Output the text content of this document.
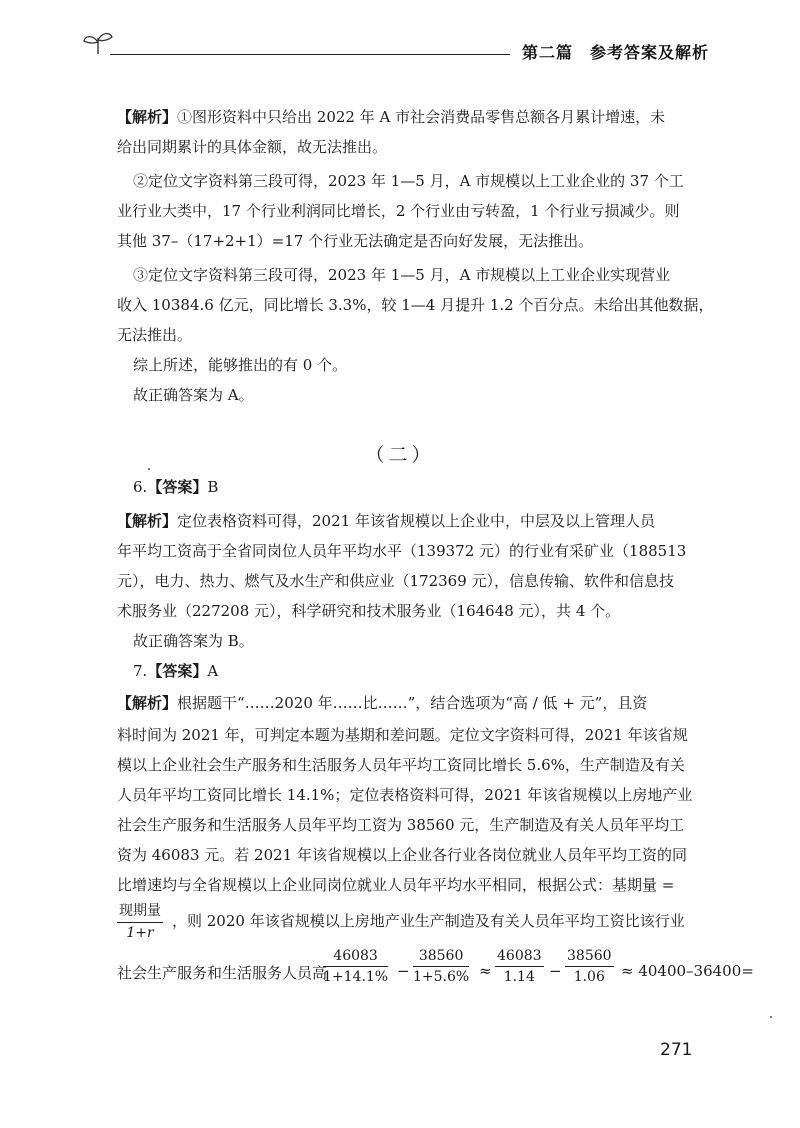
第二篇　参考答案及解析
【解析】①图形资料中只给出 2022 年 A 市社会消费品零售总额各月累计增速，未
给出同期累计的具体金额，故无法推出。
②定位文字资料第三段可得，2023 年 1—5 月，A 市规模以上工业企业的 37 个工
业行业大类中，17 个行业利润同比增长，2 个行业由亏转盈，1 个行业亏损减少。则
其他 37–（17+2+1）=17 个行业无法确定是否向好发展，无法推出。
③定位文字资料第三段可得，2023 年 1—5 月，A 市规模以上工业企业实现营业
收入 10384.6 亿元，同比增长 3.3%，较 1—4 月提升 1.2 个百分点。未给出其他数据，
无法推出。
综上所述，能够推出的有 0 个。
故正确答案为 A。
（二）
6.【答案】B
【解析】定位表格资料可得，2021 年该省规模以上企业中，中层及以上管理人员
年平均工资高于全省同岗位人员年平均水平（139372 元）的行业有采矿业（188513
元），电力、热力、燃气及水生产和供应业（172369 元），信息传输、软件和信息技
术服务业（227208 元），科学研究和技术服务业（164648 元），共 4 个。
故正确答案为 B。
7.【答案】A
【解析】根据题干“……2020 年……比……”，结合选项为“高 / 低 + 元”，且资
料时间为 2021 年，可判定本题为基期和差问题。定位文字资料可得，2021 年该省规
模以上企业社会生产服务和生活服务人员年平均工资同比增长 5.6%，生产制造及有关
人员年平均工资同比增长 14.1%；定位表格资料可得，2021 年该省规模以上房地产业
社会生产服务和生活服务人员年平均工资为 38560 元，生产制造及有关人员年平均工
资为 46083 元。若 2021 年该省规模以上企业各行业各岗位就业人员年平均工资的同
比增速均与全省规模以上企业同岗位就业人员年平均水平相同，根据公式：基期量 =
现期量
1+r
，则 2020 年该省规模以上房地产业生产制造及有关人员年平均工资比该行业
社会生产服务和生活服务人员高
$\frac{46083}{1+14.1\%} - \frac{38560}{1+5.6\%} \approx \frac{46083}{1.14} - \frac{38560}{1.06} \approx 40400-36400=$
271
